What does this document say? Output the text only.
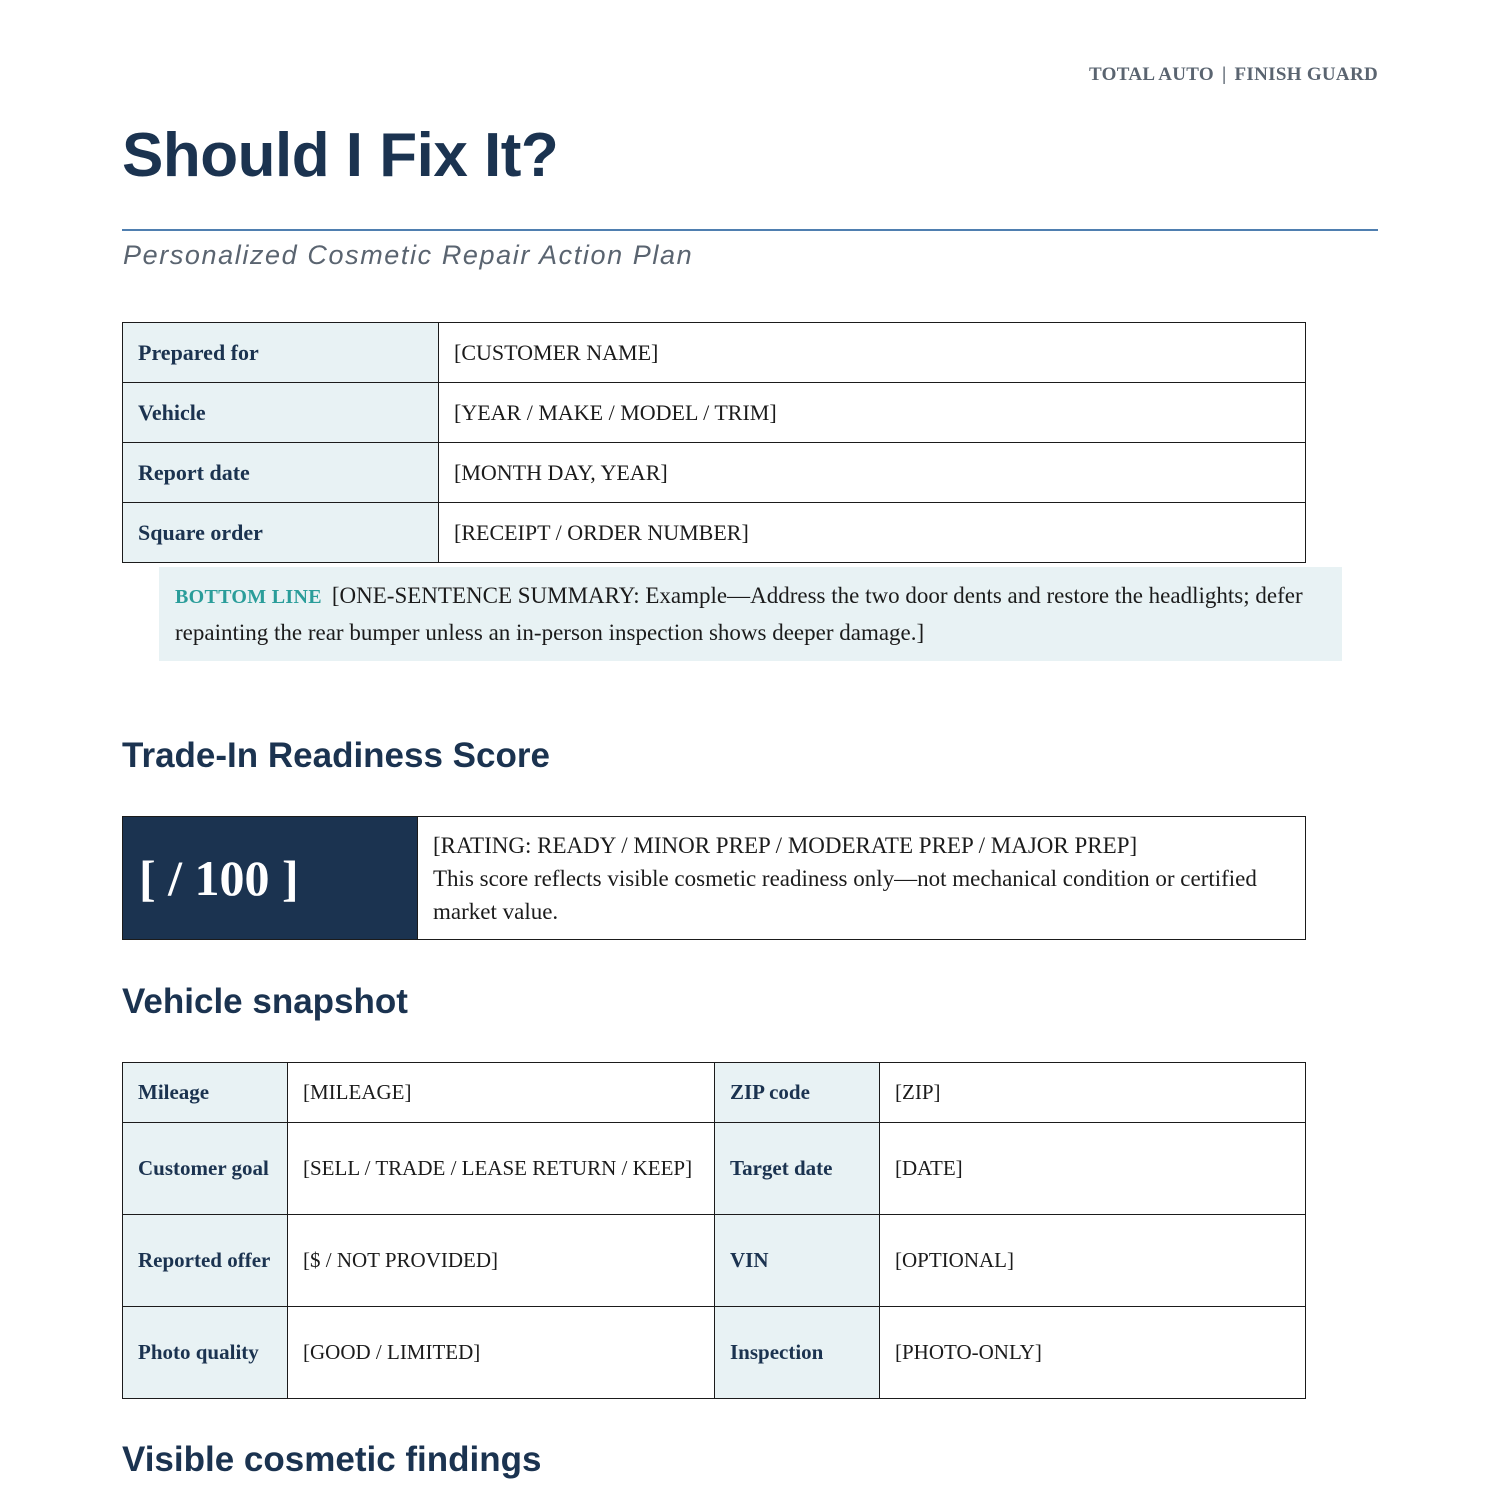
TOTAL AUTO | FINISH GUARD
Should I Fix It?
Personalized Cosmetic Repair Action Plan
Prepared for	[CUSTOMER NAME]
Vehicle	[YEAR / MAKE / MODEL / TRIM]
Report date	[MONTH DAY, YEAR]
Square order	[RECEIPT / ORDER NUMBER]
BOTTOM LINE [ONE-SENTENCE SUMMARY: Example—Address the two door dents and restore the headlights; defer repainting the rear bumper unless an in-person inspection shows deeper damage.]
Trade-In Readiness Score
[ / 100 ]	
[RATING: READY / MINOR PREP / MODERATE PREP / MAJOR PREP]
This score reflects visible cosmetic readiness only—not mechanical condition or certified market value.
Vehicle snapshot
Mileage	[MILEAGE]	ZIP code	[ZIP]
Customer goal	[SELL / TRADE / LEASE RETURN / KEEP]	Target date	[DATE]
Reported offer	[$ / NOT PROVIDED]	VIN	[OPTIONAL]
Photo quality	[GOOD / LIMITED]	Inspection	[PHOTO-ONLY]
Visible cosmetic findings
